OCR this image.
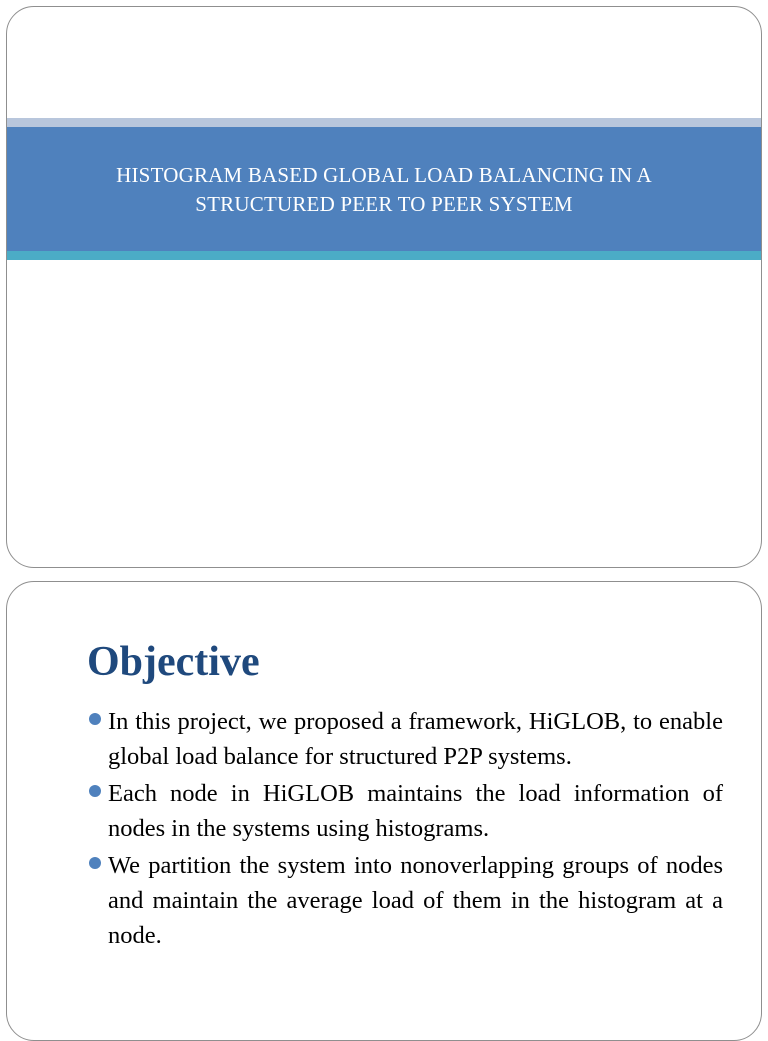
HISTOGRAM BASED GLOBAL LOAD BALANCING IN A
STRUCTURED PEER TO PEER SYSTEM
Objective
In this project, we proposed a framework, HiGLOB, to enable global load balance for structured P2P systems.
Each node in HiGLOB maintains the load information of nodes in the systems using histograms.
We partition the system into nonoverlapping groups of nodes and maintain the average load of them in the histogram at a node.
